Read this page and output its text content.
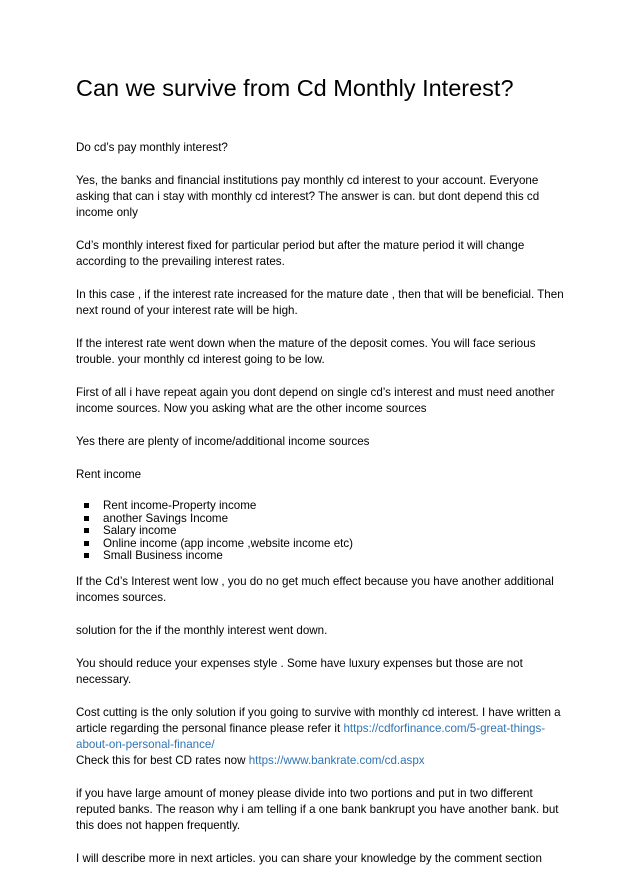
Can we survive from Cd Monthly Interest?

Do cd’s pay monthly interest?

Yes, the banks and financial institutions pay monthly cd interest to your account. Everyone asking that can i stay with monthly cd interest? The answer is can. but dont depend this cd income only

Cd’s monthly interest fixed for particular period but after the mature period it will change according to the prevailing interest rates.

In this case , if the interest rate increased for the mature date , then that will be beneficial. Then next round of your interest rate will be high.

If the interest rate went down when the mature of the deposit comes. You will face serious trouble. your monthly cd interest going to be low.

First of all i have repeat again you dont depend on single cd’s interest and must need another income sources. Now you asking what are the other income sources

Yes there are plenty of income/additional income sources

Rent income

Rent income-Property income
another Savings Income
Salary income
Online income (app income ,website income etc)
Small Business income

If the Cd’s Interest went low , you do no get much effect because you have another additional incomes sources.

solution for the if the monthly interest went down.

You should reduce your expenses style . Some have luxury expenses but those are not necessary.

Cost cutting is the only solution if you going to survive with monthly cd interest. I have written a article regarding the personal finance please refer it https://cdforfinance.com/5-great-things-about-on-personal-finance/
Check this for best CD rates now https://www.bankrate.com/cd.aspx

if you have large amount of money please divide into two portions and put in two different reputed banks. The reason why i am telling if a one bank bankrupt you have another bank. but this does not happen frequently.

I will describe more in next articles. you can share your knowledge by the comment section
